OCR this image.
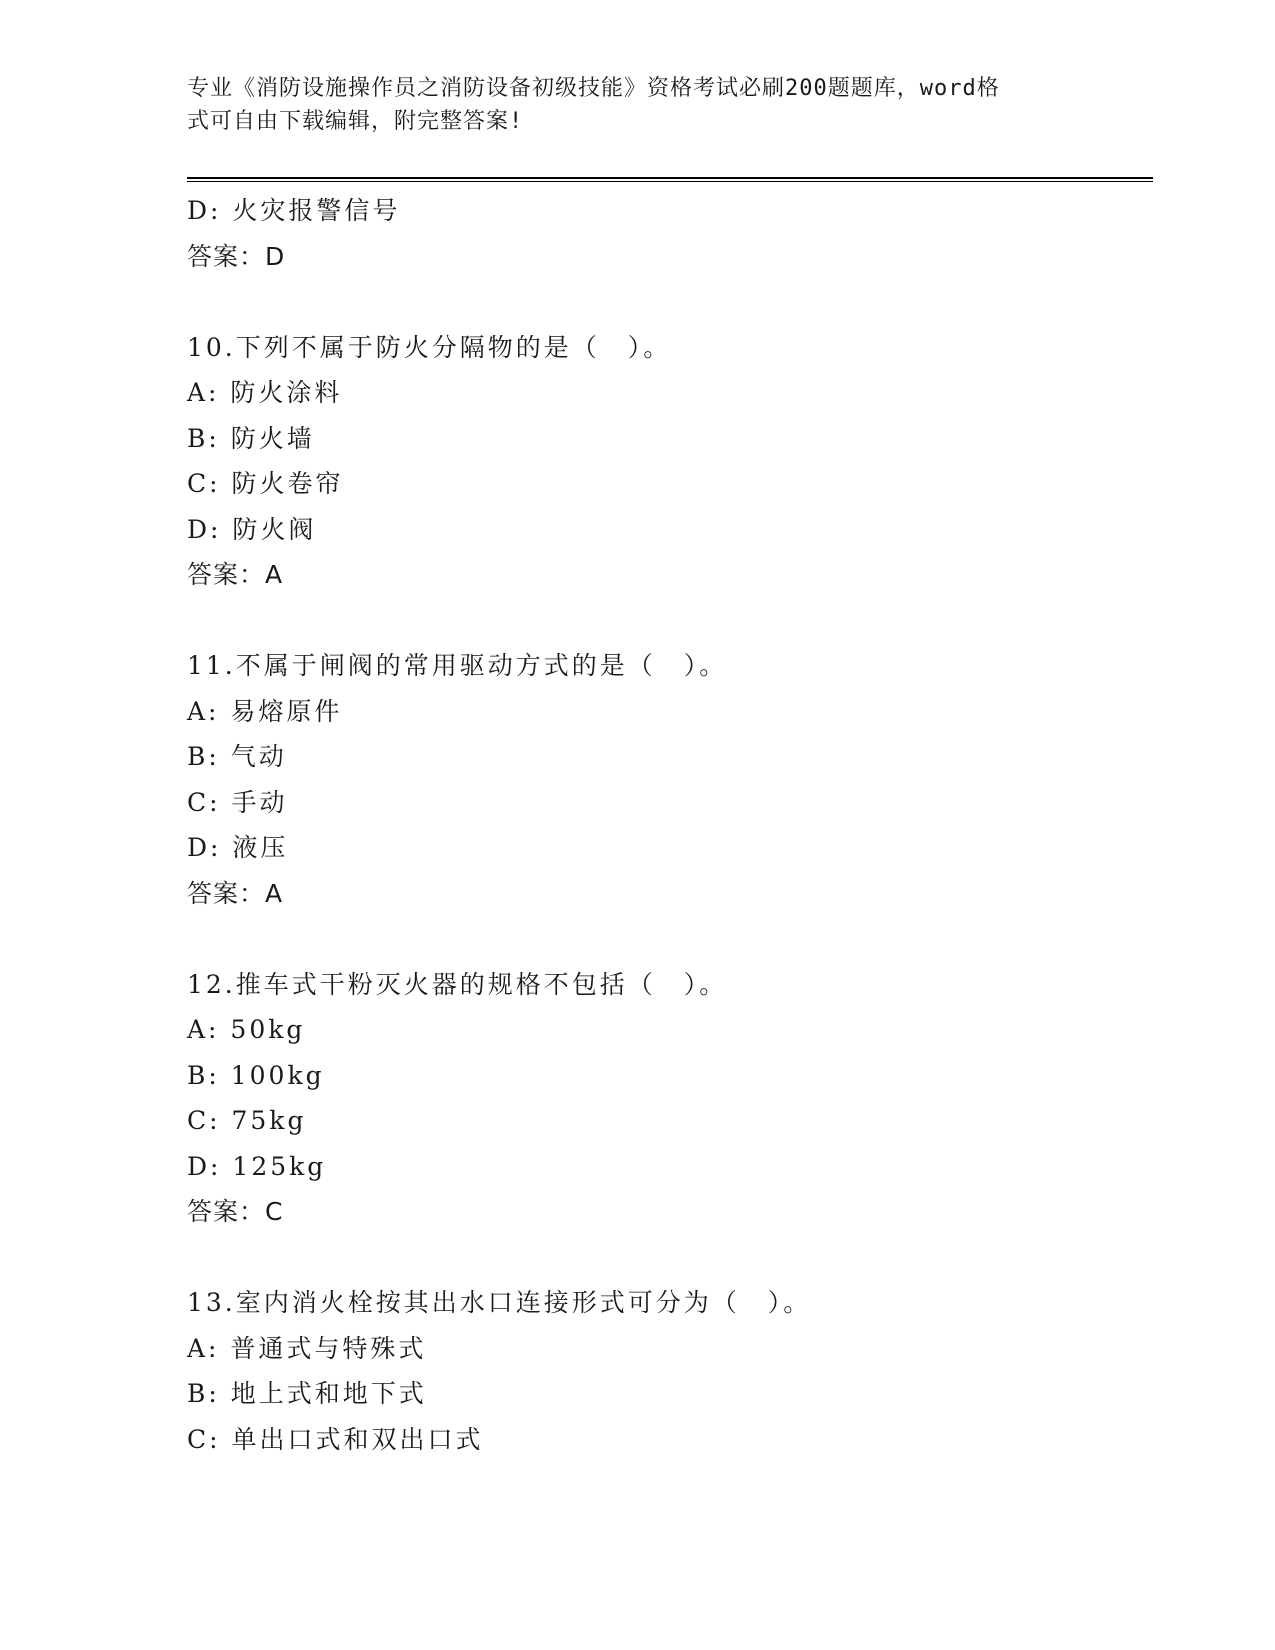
专业《消防设施操作员之消防设备初级技能》资格考试必刷200题题库，word格
式可自由下载编辑，附完整答案!
D: 火灾报警信号
答案：D
10.下列不属于防火分隔物的是（　）。
A: 防火涂料
B: 防火墙
C: 防火卷帘
D: 防火阀
答案：A
11.不属于闸阀的常用驱动方式的是（　）。
A: 易熔原件
B: 气动
C: 手动
D: 液压
答案：A
12.推车式干粉灭火器的规格不包括（　）。
A: 50kg
B: 100kg
C: 75kg
D: 125kg
答案：C
13.室内消火栓按其出水口连接形式可分为（　）。
A: 普通式与特殊式
B: 地上式和地下式
C: 单出口式和双出口式
